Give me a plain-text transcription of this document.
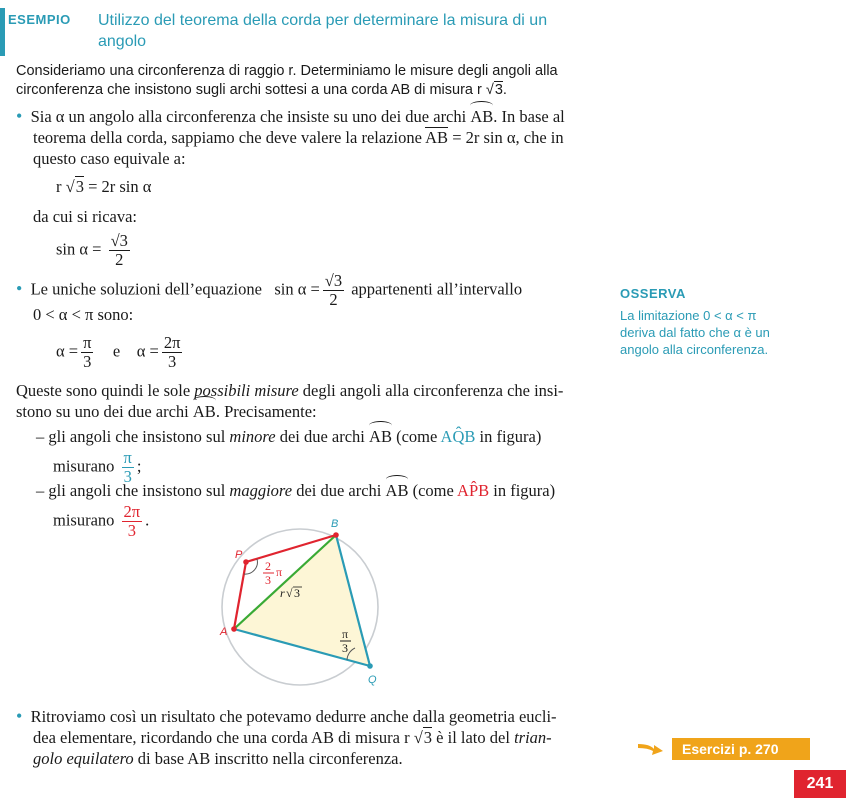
ESEMPIO Utilizzo del teorema della corda per determinare la misura di un
angolo
Consideriamo una circonferenza di raggio r. Determiniamo le misure degli angoli alla
circonferenza che insistono sugli archi sottesi a una corda AB di misura r √3.
• Sia α un angolo alla circonferenza che insiste su uno dei due archi AB. In base al
teorema della corda, sappiamo che deve valere la relazione AB = 2r sin α, che in
questo caso equivale a:
r √3 = 2r sin α
da cui si ricava:
$\sin \alpha = \frac{√3}{2}$
• Le uniche soluzioni dell’equazione $\sin \alpha = \frac{√3}{2}$ appartenenti all’intervallo
0 < α < π sono:
$\alpha = \frac{\pi}{3}$ e $\alpha = \frac{2\pi}{3}$
OSSERVA
La limitazione 0 < α < π
deriva dal fatto che α è un
angolo alla circonferenza.
Queste sono quindi le sole possibili misure degli angoli alla circonferenza che insi-
stono su uno dei due archi AB. Precisamente:
– gli angoli che insistono sul minore dei due archi AB (come AQ̂B in figura)
misurano $\frac{\pi}{3}$ ;
– gli angoli che insistono sul maggiore dei due archi AB (come AP̂B in figura)
misurano $\frac{2\pi}{3}$ .	B
P
A
Q
2
3
π
r √ 3
π
3
• Ritroviamo così un risultato che potevamo dedurre anche dalla geometria eucli-
dea elementare, ricordando che una corda AB di misura r √3 è il lato del trian-
golo equilatero di base AB inscritto nella circonferenza.	Esercizi p. 270
241
